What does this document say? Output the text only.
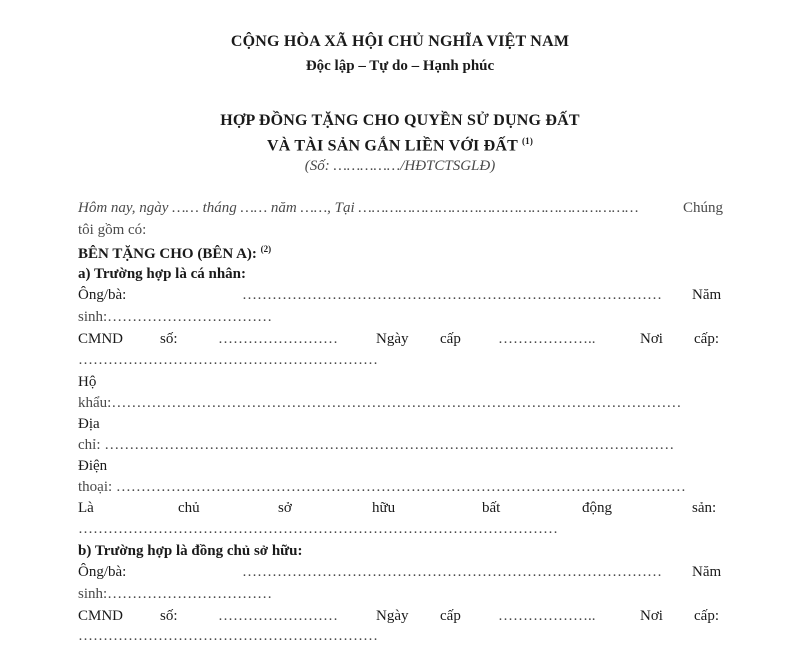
CỘNG HÒA XÃ HỘI CHỦ NGHĨA VIỆT NAM
Độc lập – Tự do – Hạnh phúc
HỢP ĐỒNG TẶNG CHO QUYỀN SỬ DỤNG ĐẤT
VÀ TÀI SẢN GẮN LIỀN VỚI ĐẤT $^{(1)}$
(Số: ……………/HĐTCTSGLĐ)
Hôm nay, ngày …… tháng …… năm ……, Tại ………………………………………………………	Chúng
tôi gồm có:
BÊN TẶNG CHO (BÊN A): $^{(2)}$
a) Trường hợp là cá nhân:
Ông/bà:	…………………………………………………………………………	Năm
sinh:……………………………
CMND số:	……………………	Ngày cấp ………………..	Nơi cấp:
……………………………………………………
Hộ
khẩu:……………………………………………………………………………………………………
Địa
chỉ: ……………………………………………………………………………………………………
Điện
thoại: ……………………………………………………………………………………………………
Là	chủ	sở	hữu	bất	động	sản:
……………………………………………………………………………………
b) Trường hợp là đồng chủ sở hữu:
Ông/bà:	…………………………………………………………………………	Năm
sinh:……………………………
CMND số:	……………………	Ngày cấp ………………..	Nơi cấp:
……………………………………………………
